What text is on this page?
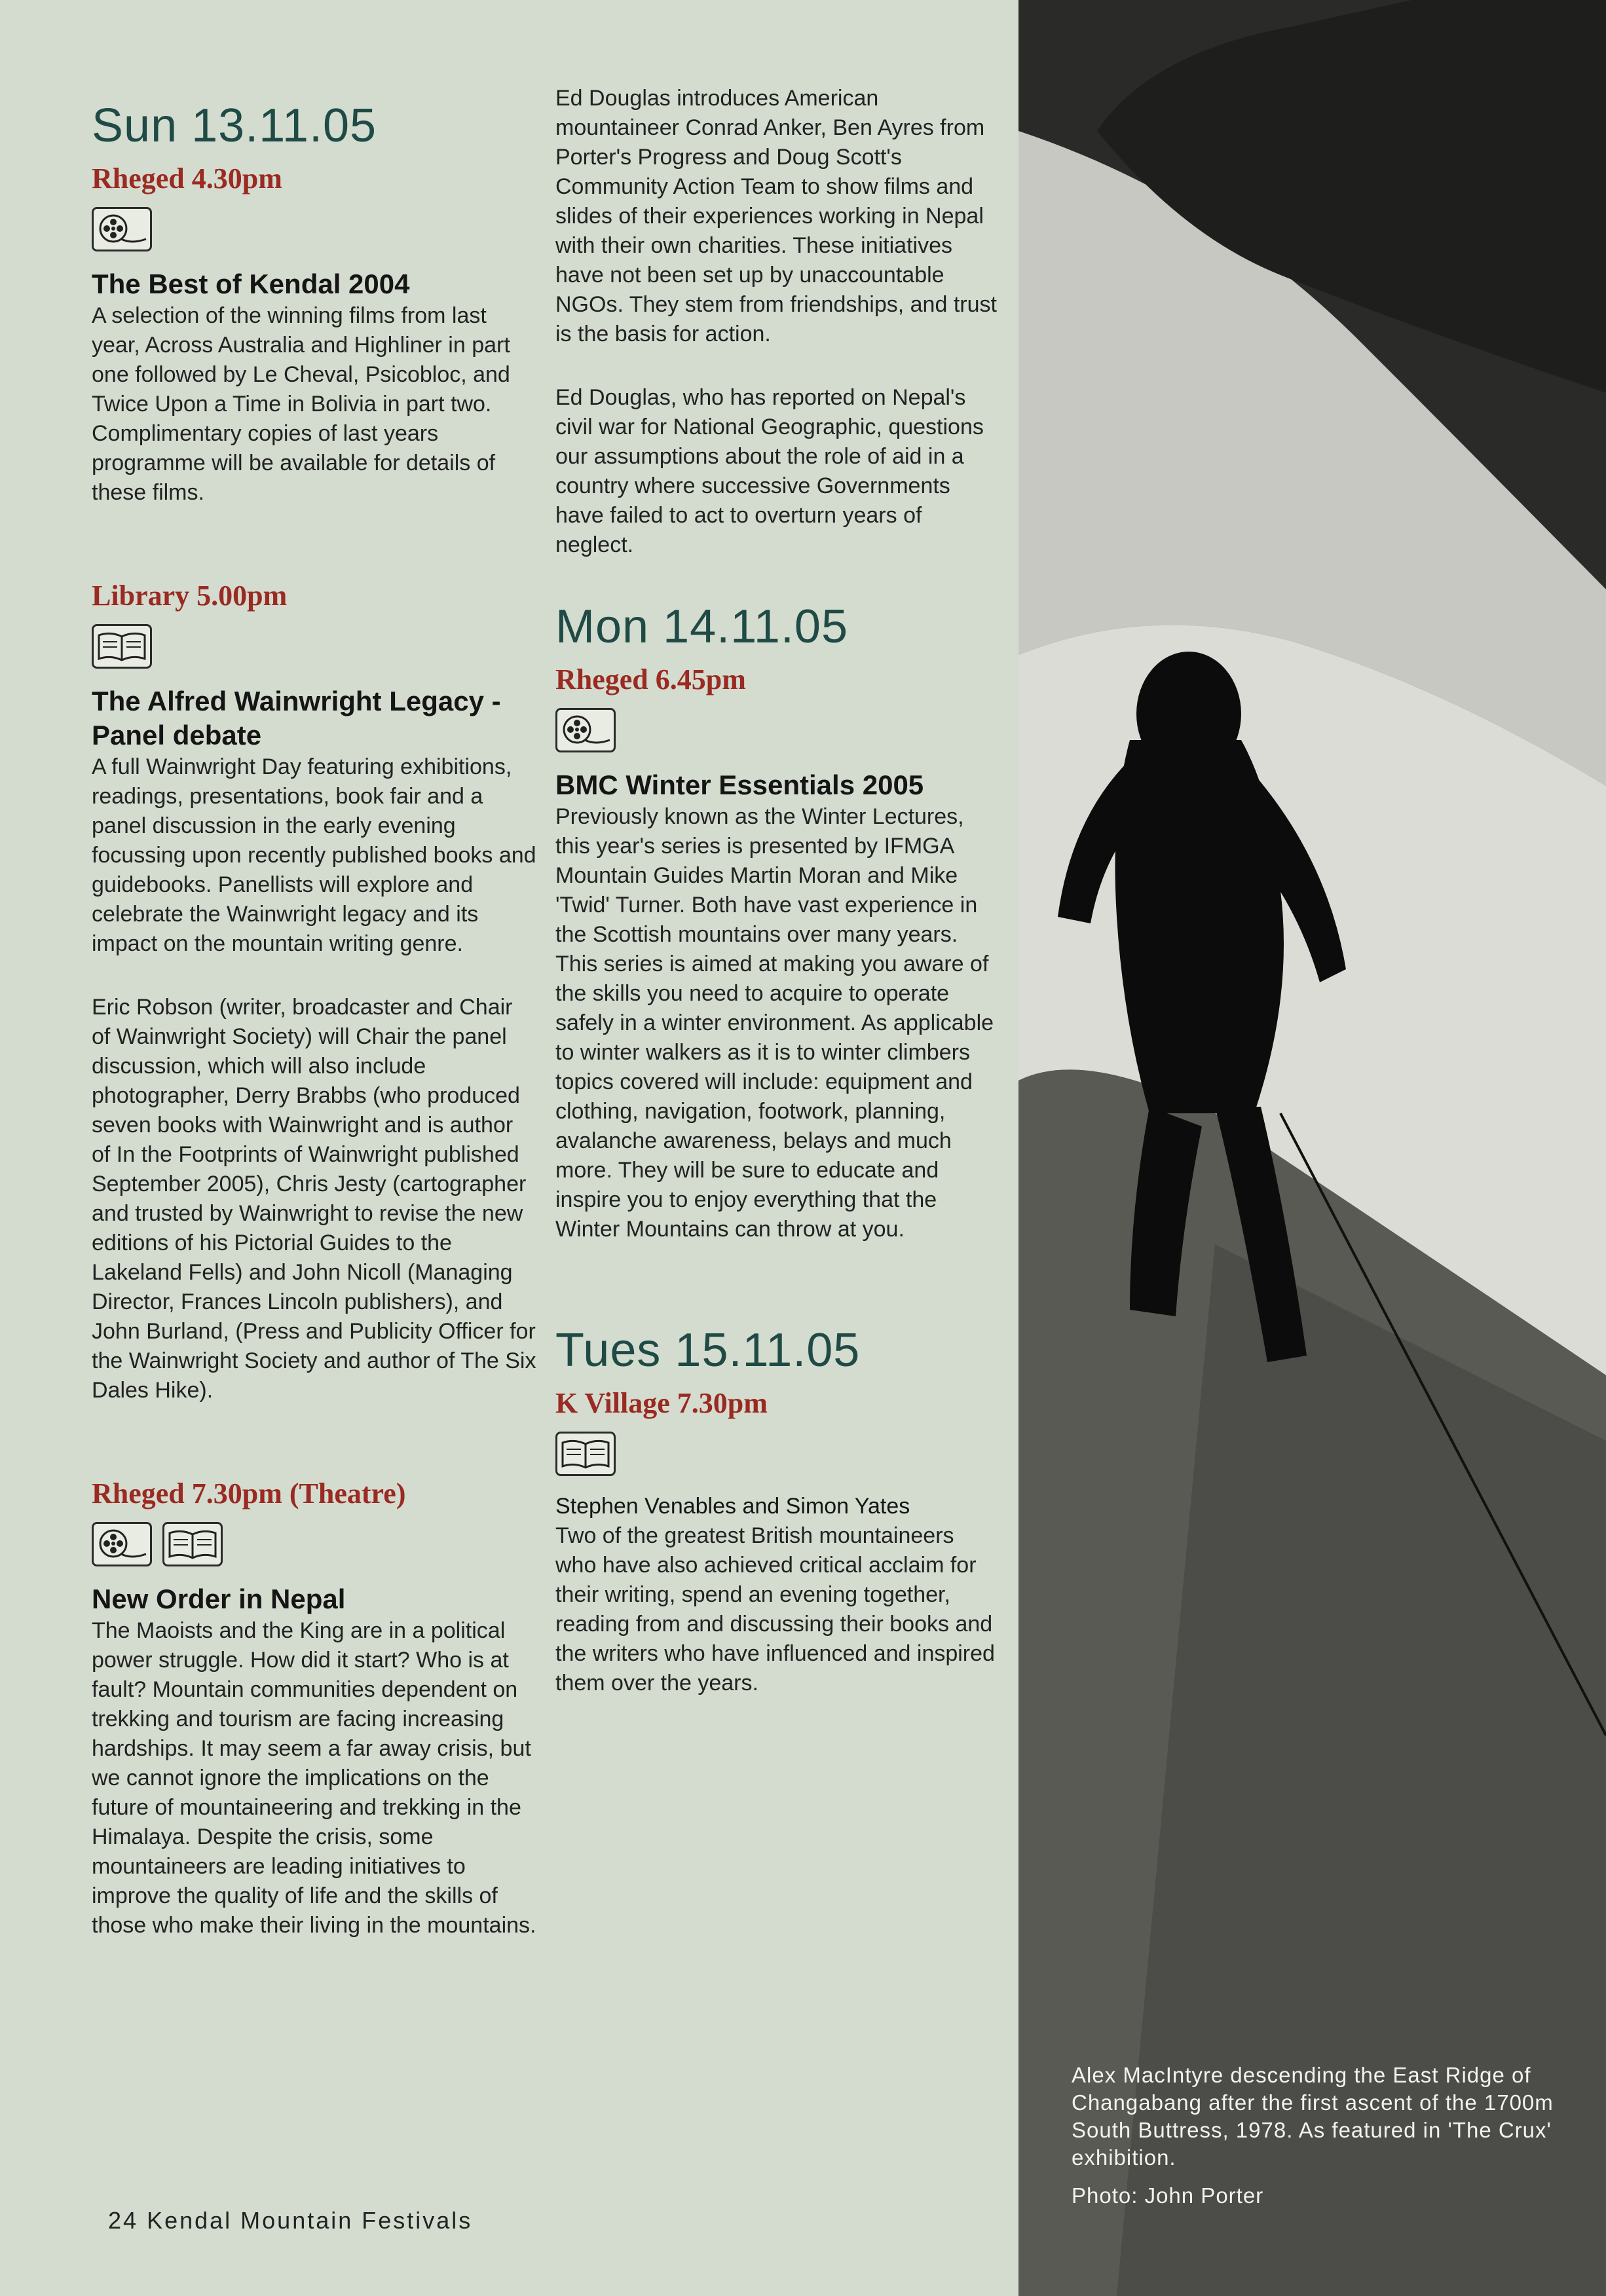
Sun 13.11.05
Rheged 4.30pm
The Best of Kendal 2004
A selection of the winning films from last year, Across Australia and Highliner in part one followed by Le Cheval, Psicobloc, and Twice Upon a Time in Bolivia in part two. Complimentary copies of last years programme will be available for details of these films.
Library 5.00pm
The Alfred Wainwright Legacy - Panel debate
A full Wainwright Day featuring exhibitions, readings, presentations, book fair and a panel discussion in the early evening focussing upon recently published books and guidebooks. Panellists will explore and celebrate the Wainwright legacy and its impact on the mountain writing genre.
Eric Robson (writer, broadcaster and Chair of Wainwright Society) will Chair the panel discussion, which will also include photographer, Derry Brabbs (who produced seven books with Wainwright and is author of In the Footprints of Wainwright published September 2005), Chris Jesty (cartographer and trusted by Wainwright to revise the new editions of his Pictorial Guides to the Lakeland Fells) and John Nicoll (Managing Director, Frances Lincoln publishers), and John Burland, (Press and Publicity Officer for the Wainwright Society and author of The Six Dales Hike).
Rheged 7.30pm (Theatre)
New Order in Nepal
The Maoists and the King are in a political power struggle. How did it start? Who is at fault? Mountain communities dependent on trekking and tourism are facing increasing hardships. It may seem a far away crisis, but we cannot ignore the implications on the future of mountaineering and trekking in the Himalaya. Despite the crisis, some mountaineers are leading initiatives to improve the quality of life and the skills of those who make their living in the mountains.
Ed Douglas introduces American mountaineer Conrad Anker, Ben Ayres from Porter's Progress and Doug Scott's Community Action Team to show films and slides of their experiences working in Nepal with their own charities. These initiatives have not been set up by unaccountable NGOs. They stem from friendships, and trust is the basis for action.
Ed Douglas, who has reported on Nepal's civil war for National Geographic, questions our assumptions about the role of aid in a country where successive Governments have failed to act to overturn years of neglect.
Mon 14.11.05
Rheged 6.45pm
BMC Winter Essentials 2005
Previously known as the Winter Lectures, this year's series is presented by IFMGA Mountain Guides Martin Moran and Mike 'Twid' Turner. Both have vast experience in the Scottish mountains over many years. This series is aimed at making you aware of the skills you need to acquire to operate safely in a winter environment. As applicable to winter walkers as it is to winter climbers topics covered will include: equipment and clothing, navigation, footwork, planning, avalanche awareness, belays and much more. They will be sure to educate and inspire you to enjoy everything that the Winter Mountains can throw at you.
Tues 15.11.05
K Village 7.30pm
Stephen Venables and Simon Yates
Two of the greatest British mountaineers who have also achieved critical acclaim for their writing, spend an evening together, reading from and discussing their books and the writers who have influenced and inspired them over the years.
Alex MacIntyre descending the East Ridge of Changabang after the first ascent of the 1700m South Buttress, 1978. As featured in 'The Crux' exhibition.
Photo: John Porter
24 Kendal Mountain Festivals
